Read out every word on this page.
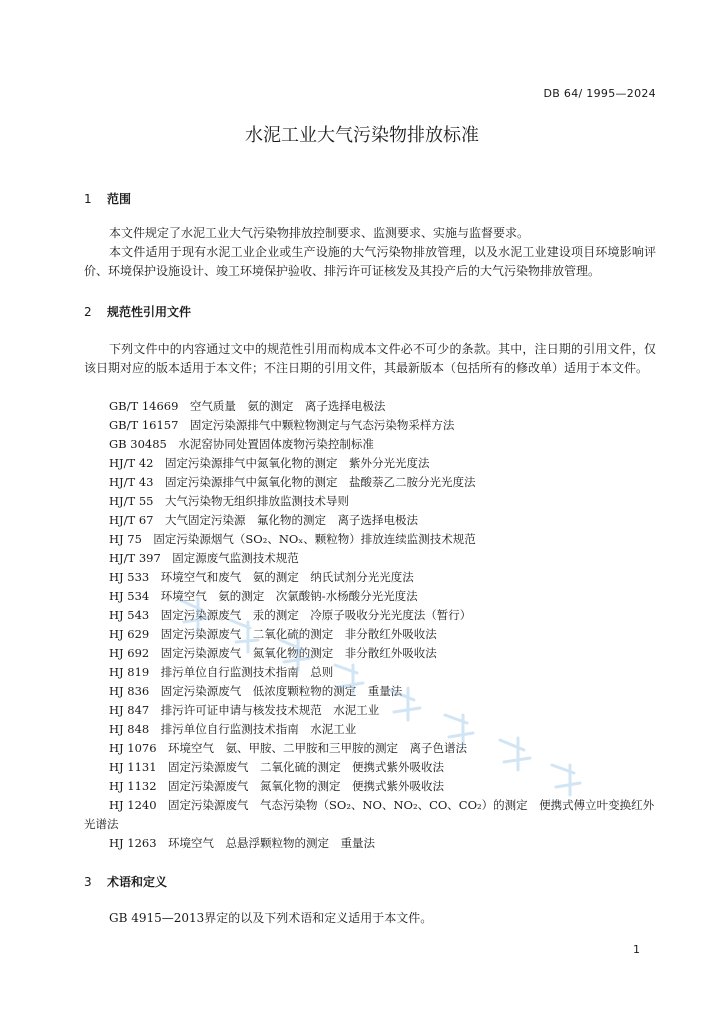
DB 64/ 1995—2024
水泥工业大气污染物排放标准
1 范围

本文件规定了水泥工业大气污染物排放控制要求、监测要求、实施与监督要求。

本文件适用于现有水泥工业企业或生产设施的大气污染物排放管理，以及水泥工业建设项目环境影响评价、环境保护设施设计、竣工环境保护验收、排污许可证核发及其投产后的大气污染物排放管理。

2 规范性引用文件

下列文件中的内容通过文中的规范性引用而构成本文件必不可少的条款。其中，注日期的引用文件，仅该日期对应的版本适用于本文件；不注日期的引用文件，其最新版本（包括所有的修改单）适用于本文件。

GB/T 14669　空气质量　氨的测定　离子选择电极法
GB/T 16157　固定污染源排气中颗粒物测定与气态污染物采样方法
GB 30485　水泥窑协同处置固体废物污染控制标准
HJ/T 42　固定污染源排气中氮氧化物的测定　紫外分光光度法
HJ/T 43　固定污染源排气中氮氧化物的测定　盐酸萘乙二胺分光光度法
HJ/T 55　大气污染物无组织排放监测技术导则
HJ/T 67　大气固定污染源　氟化物的测定　离子选择电极法
HJ 75　固定污染源烟气（SO₂、NOₓ、颗粒物）排放连续监测技术规范
HJ/T 397　固定源废气监测技术规范
HJ 533　环境空气和废气　氨的测定　纳氏试剂分光光度法
HJ 534　环境空气　氨的测定　次氯酸钠-水杨酸分光光度法
HJ 543　固定污染源废气　汞的测定　冷原子吸收分光光度法（暂行）
HJ 629　固定污染源废气　二氧化硫的测定　非分散红外吸收法
HJ 692　固定污染源废气　氮氧化物的测定　非分散红外吸收法
HJ 819　排污单位自行监测技术指南　总则
HJ 836　固定污染源废气　低浓度颗粒物的测定　重量法
HJ 847　排污许可证申请与核发技术规范　水泥工业
HJ 848　排污单位自行监测技术指南　水泥工业
HJ 1076　环境空气　氨、甲胺、二甲胺和三甲胺的测定　离子色谱法
HJ 1131　固定污染源废气　二氧化硫的测定　便携式紫外吸收法
HJ 1132　固定污染源废气　氮氧化物的测定　便携式紫外吸收法
HJ 1240　固定污染源废气　气态污染物（SO₂、NO、NO₂、CO、CO₂）的测定　便携式傅立叶变换红外光谱法
HJ 1263　环境空气　总悬浮颗粒物的测定　重量法
3 术语和定义

GB 4915—2013界定的以及下列术语和定义适用于本文件。

1
